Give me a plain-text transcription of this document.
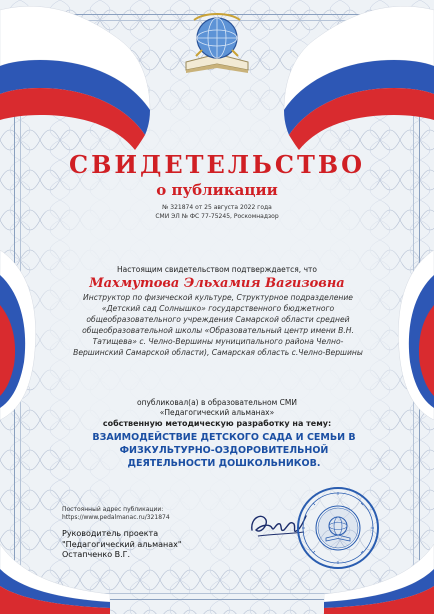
СВИДЕТЕЛЬСТВО
о публикации
№ 321874 от 25 августа 2022 года
СМИ ЭЛ № ФС 77-75245, Роскомнадзор
Настоящим свидетельством подтверждается, что
Махмутова Эльхамия Вагизовна
Инструктор по физической культуре, Структурное подразделение «Детский сад Солнышко» государственного бюджетного общеобразовательного учреждения Самарской области средней общеобразовательной школы «Образовательный центр имени В.Н. Татищева» с. Челно-Вершины муниципального района Челно-Вершинский Самарской области), Самарская область с.Челно-Вершины
опубликовал(а) в образовательном СМИ
«Педагогический альманах»
собственную методическую разработку на тему:
ВЗАИМОДЕЙСТВИЕ ДЕТСКОГО САДА И СЕМЬИ В ФИЗКУЛЬТУРНО-ОЗДОРОВИТЕЛЬНОЙ ДЕЯТЕЛЬНОСТИ ДОШКОЛЬНИКОВ.
Постоянный адрес публикации:
https://www.pedalmanac.ru/321874
Руководитель проекта
"Педагогический альманах"
Остапченко В.Г.
